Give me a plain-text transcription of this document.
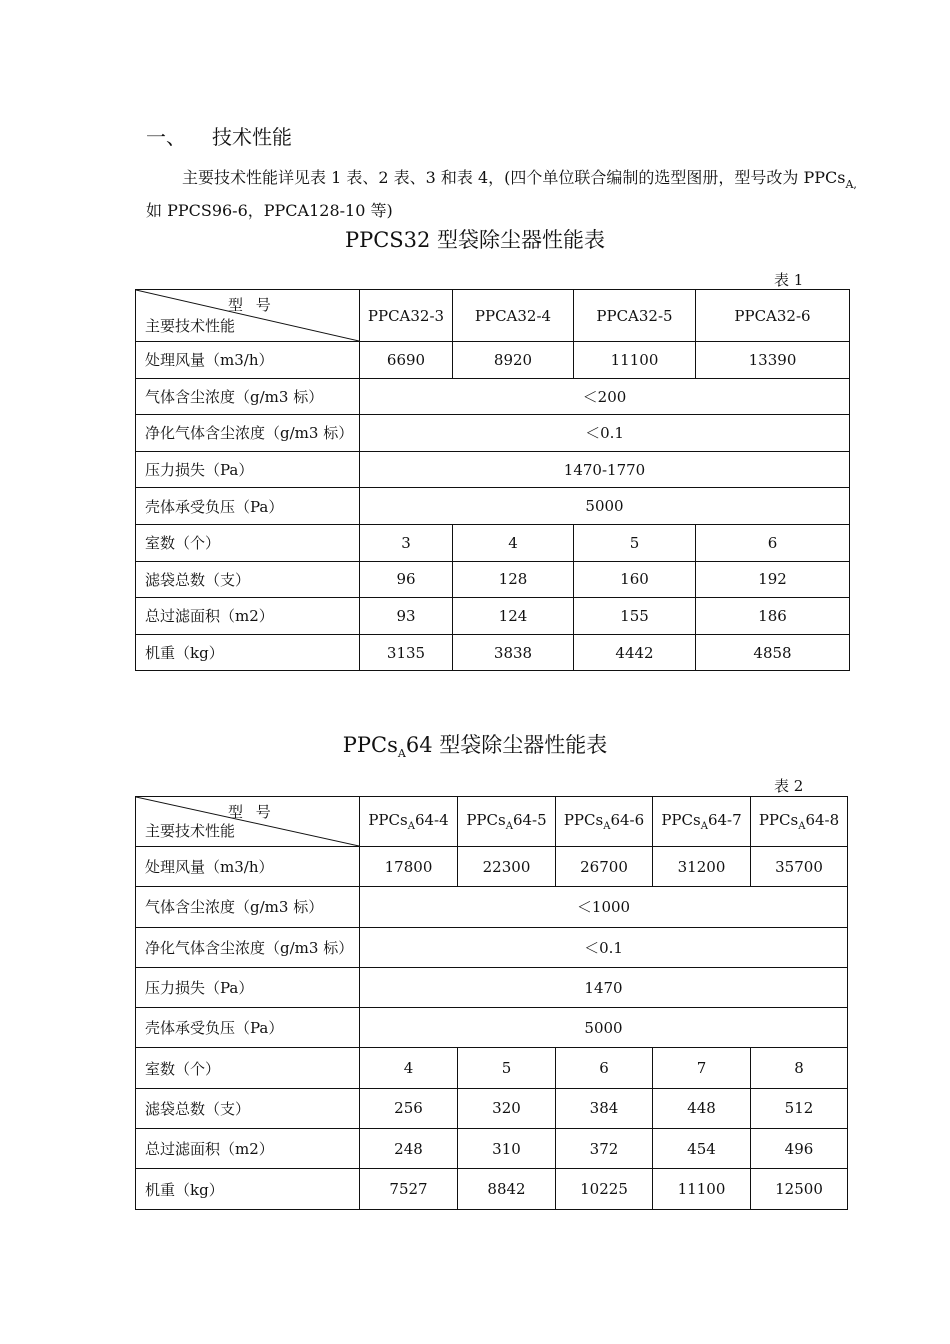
一、 技术性能
主要技术性能详见表 1 表、2 表、3 和表 4，(四个单位联合编制的选型图册，型号改为 PPCs$_{A,}$ 如 PPCS96-6，PPCA128-10 等)
PPCS32 型袋除尘器性能表
表 1
型 号
主要技术性能	PPCA32-3	PPCA32-4	PPCA32-5	PPCA32-6
处理风量（m3/h）	6690	8920	11100	13390
气体含尘浓度（g/m3 标）	＜200			
净化气体含尘浓度（g/m3 标）	＜0.1			
压力损失（Pa）	1470-1770			
壳体承受负压（Pa）	5000			
室数（个）	3	4	5	6
滤袋总数（支）	96	128	160	192
总过滤面积（m2）	93	124	155	186
机重（kg）	3135	3838	4442	4858
PPCs$_A$64 型袋除尘器性能表
表 2
型 号
主要技术性能	PPCs$_A$64-4	PPCs$_A$64-5	PPCs$_A$64-6	PPCs$_A$64-7	PPCs$_A$64-8
处理风量（m3/h）	17800	22300	26700	31200	35700
气体含尘浓度（g/m3 标）	＜1000				
净化气体含尘浓度（g/m3 标）	＜0.1				
压力损失（Pa）	1470				
壳体承受负压（Pa）	5000				
室数（个）	4	5	6	7	8
滤袋总数（支）	256	320	384	448	512
总过滤面积（m2）	248	310	372	454	496
机重（kg）	7527	8842	10225	11100	12500
